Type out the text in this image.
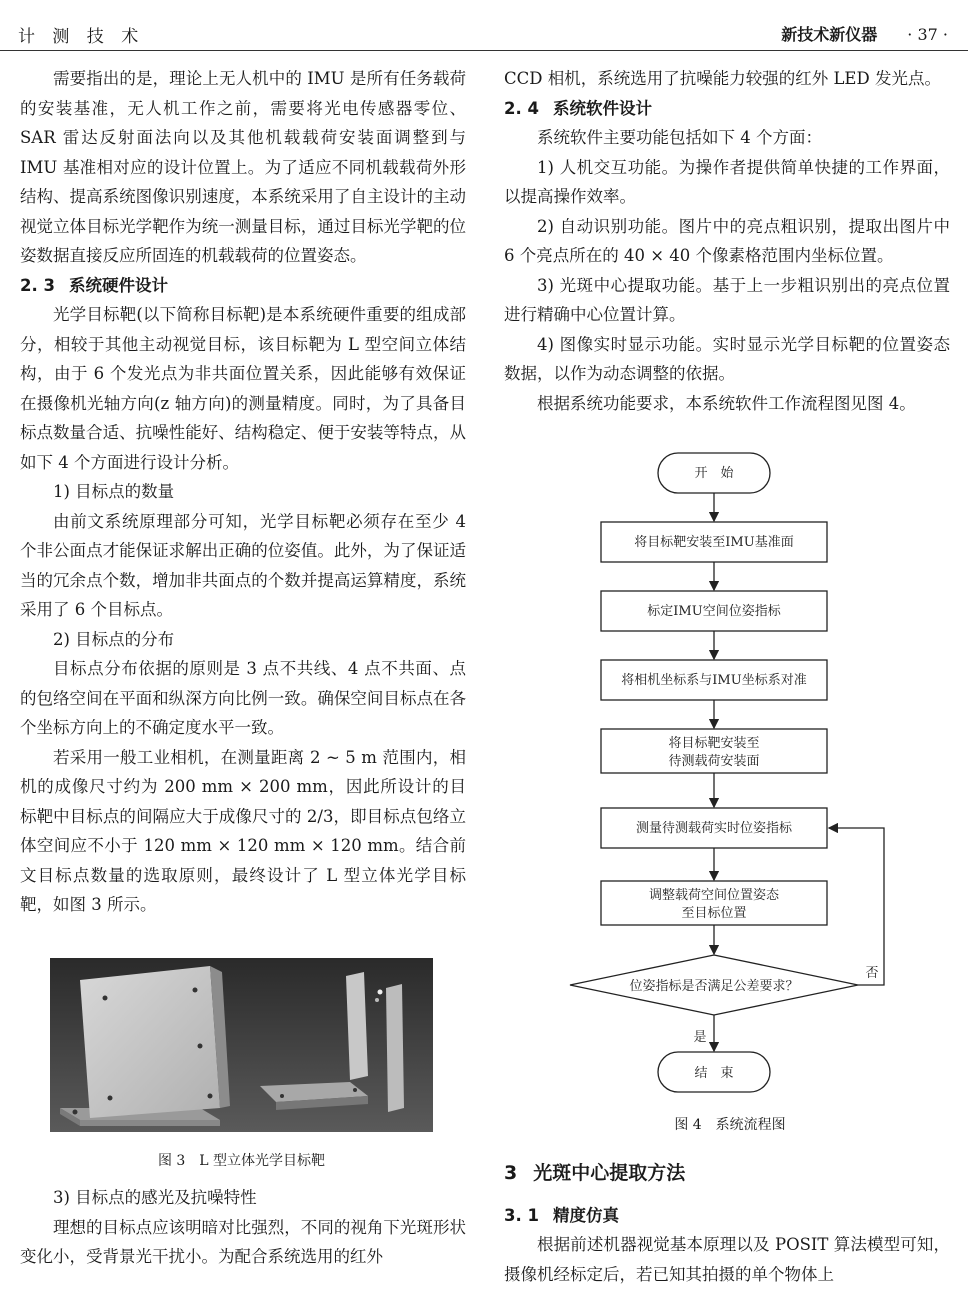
计 测 技 术	新技术新仪器 · 37 ·

需要指出的是，理论上无人机中的 IMU 是所有任务载荷的安装基准，无人机工作之前，需要将光电传感器零位、SAR 雷达反射面法向以及其他机载载荷安装面调整到与 IMU 基准相对应的设计位置上。为了适应不同机载载荷外形结构、提高系统图像识别速度，本系统采用了自主设计的主动视觉立体目标光学靶作为统一测量目标，通过目标光学靶的位姿数据直接反应所固连的机载载荷的位置姿态。

2. 3 系统硬件设计

光学目标靶(以下简称目标靶)是本系统硬件重要的组成部分，相较于其他主动视觉目标，该目标靶为 L 型空间立体结构，由于 6 个发光点为非共面位置关系，因此能够有效保证在摄像机光轴方向(z 轴方向)的测量精度。同时，为了具备目标点数量合适、抗噪性能好、结构稳定、便于安装等特点，从如下 4 个方面进行设计分析。

1) 目标点的数量

由前文系统原理部分可知，光学目标靶必须存在至少 4 个非公面点才能保证求解出正确的位姿值。此外，为了保证适当的冗余点个数，增加非共面点的个数并提高运算精度，系统采用了 6 个目标点。

2) 目标点的分布

目标点分布依据的原则是 3 点不共线、4 点不共面、点的包络空间在平面和纵深方向比例一致。确保空间目标点在各个坐标方向上的不确定度水平一致。

若采用一般工业相机，在测量距离 2 ~ 5 m 范围内，相机的成像尺寸约为 200 mm × 200 mm，因此所设计的目标靶中目标点的间隔应大于成像尺寸的 2/3，即目标点包络立体空间应不小于 120 mm × 120 mm × 120 mm。结合前文目标点数量的选取原则，最终设计了 L 型立体光学目标靶，如图 3 所示。

图 3　L 型立体光学目标靶

3) 目标点的感光及抗噪特性

理想的目标点应该明暗对比强烈，不同的视角下光斑形状变化小，受背景光干扰小。为配合系统选用的红外

CCD 相机，系统选用了抗噪能力较强的红外 LED 发光点。

2. 4 系统软件设计

系统软件主要功能包括如下 4 个方面：

1) 人机交互功能。为操作者提供简单快捷的工作界面，以提高操作效率。

2) 自动识别功能。图片中的亮点粗识别，提取出图片中 6 个亮点所在的 40 × 40 个像素格范围内坐标位置。

3) 光斑中心提取功能。基于上一步粗识别出的亮点位置进行精确中心位置计算。

4) 图像实时显示功能。实时显示光学目标靶的位置姿态数据，以作为动态调整的依据。

根据系统功能要求，本系统软件工作流程图见图 4。

开　始
将目标靶安装至IMU基准面
标定IMU空间位姿指标
将相机坐标系与IMU坐标系对准
将目标靶安装至
待测载荷安装面
测量待测载荷实时位姿指标
调整载荷空间位置姿态
至目标位置
位姿指标是否满足公差要求？
否
是
结　束
图 4　系统流程图
3 光斑中心提取方法
3. 1 精度仿真

根据前述机器视觉基本原理以及 POSIT 算法模型可知，摄像机经标定后，若已知其拍摄的单个物体上
